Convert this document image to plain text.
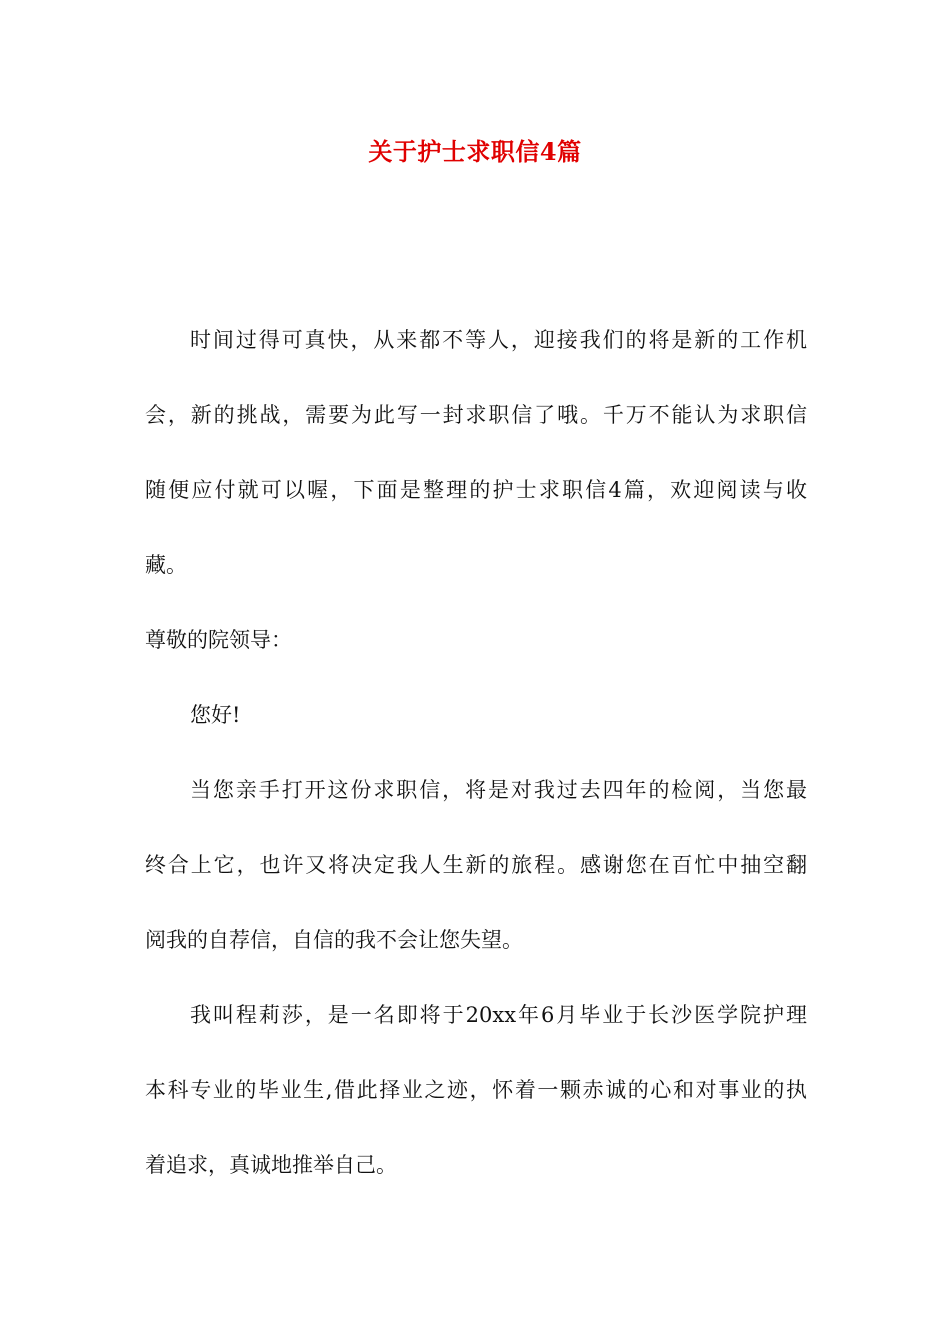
关于护士求职信4篇
时间过得可真快，从来都不等人，迎接我们的将是新的工作机
会，新的挑战，需要为此写一封求职信了哦。千万不能认为求职信
随便应付就可以喔，下面是整理的护士求职信4篇，欢迎阅读与收
藏。
尊敬的院领导：
您好!
当您亲手打开这份求职信，将是对我过去四年的检阅，当您最
终合上它，也许又将决定我人生新的旅程。感谢您在百忙中抽空翻
阅我的自荐信，自信的我不会让您失望。
我叫程莉莎，是一名即将于20xx年6月毕业于长沙医学院护理
本科专业的毕业生,借此择业之迹，怀着一颗赤诚的心和对事业的执
着追求，真诚地推举自己。
